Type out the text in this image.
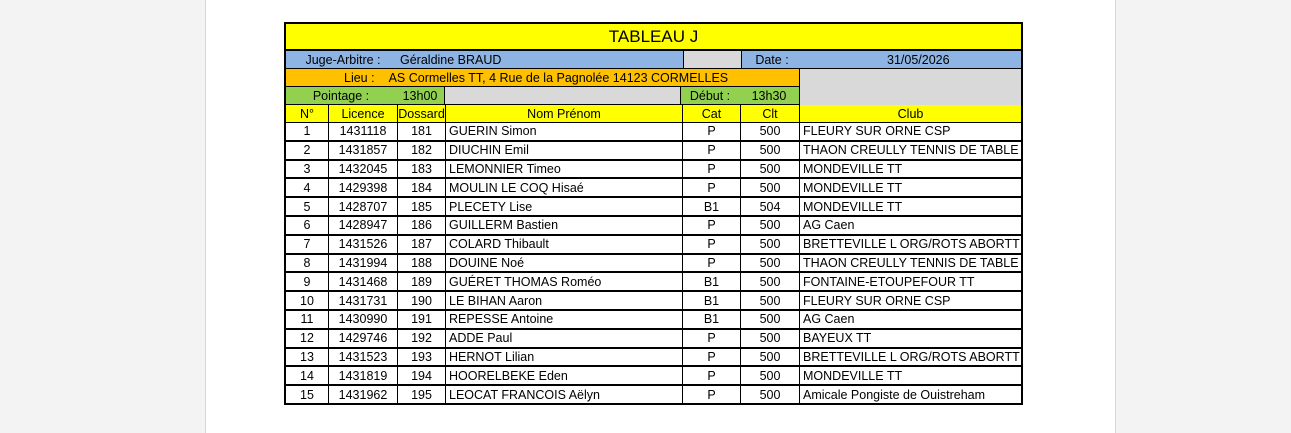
TABLEAU J
Juge-Arbitre :	Géraldine BRAUD	Date :	31/05/2026
Lieu : AS Cormelles TT, 4 Rue de la Pagnolée 14123 CORMELLES
Pointage :	13h00	Début :	13h30
N°	Licence	Dossard	Nom Prénom	Cat	Clt	Club
1	1431118	181	GUERIN Simon	P	500	FLEURY SUR ORNE CSP
2	1431857	182	DIUCHIN Emil	P	500	THAON CREULLY TENNIS DE TABLE
3	1432045	183	LEMONNIER Timeo	P	500	MONDEVILLE TT
4	1429398	184	MOULIN LE COQ Hisaé	P	500	MONDEVILLE TT
5	1428707	185	PLECETY Lise	B1	504	MONDEVILLE TT
6	1428947	186	GUILLERM Bastien	P	500	AG Caen
7	1431526	187	COLARD Thibault	P	500	BRETTEVILLE L ORG/ROTS ABORTT
8	1431994	188	DOUINE Noé	P	500	THAON CREULLY TENNIS DE TABLE
9	1431468	189	GUÉRET THOMAS Roméo	B1	500	FONTAINE-ETOUPEFOUR TT
10	1431731	190	LE BIHAN Aaron	B1	500	FLEURY SUR ORNE CSP
11	1430990	191	REPESSE Antoine	B1	500	AG Caen
12	1429746	192	ADDE Paul	P	500	BAYEUX TT
13	1431523	193	HERNOT Lilian	P	500	BRETTEVILLE L ORG/ROTS ABORTT
14	1431819	194	HOORELBEKE Eden	P	500	MONDEVILLE TT
15	1431962	195	LEOCAT FRANCOIS Aëlyn	P	500	Amicale Pongiste de Ouistreham
